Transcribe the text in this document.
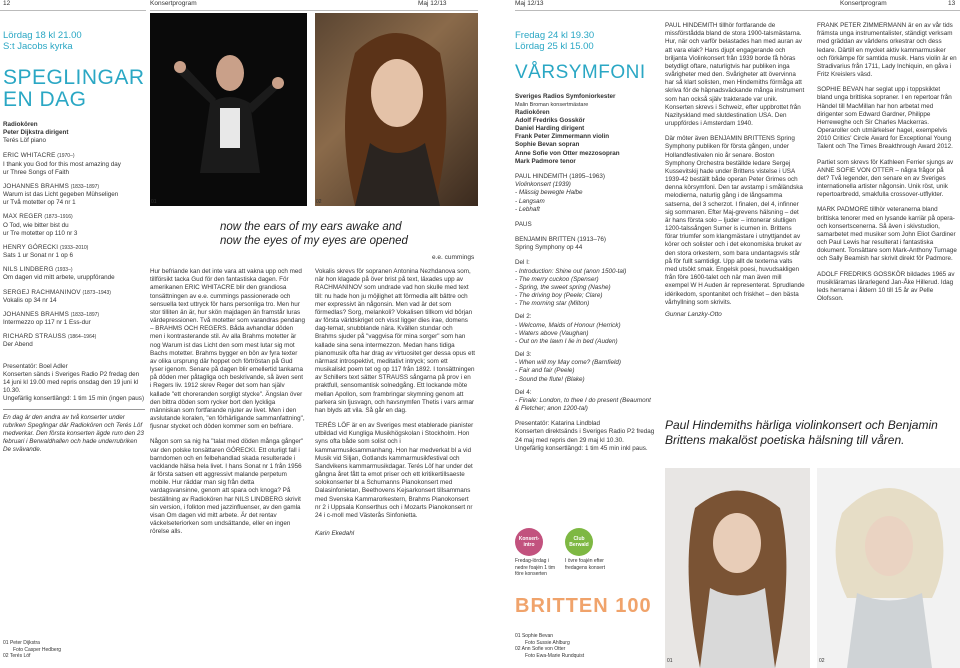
12	Konsertprogram	Maj 12/13	Maj 12/13	Konsertprogram	13
Lördag 18 kl 21.00
S:t Jacobs kyrka
SPEGLINGAR
EN DAG
Radiokören
Peter Dijkstra dirigent
Terés Löf piano
ERIC WHITACRE (1970–)
I thank you God for this most amazing day
ur Three Songs of Faith
JOHANNES BRAHMS (1833–1897)
Warum ist das Licht gegeben Mühseligen
ur Två motetter op 74 nr 1
MAX REGER (1873–1916)
O Tod, wie bitter bist du
ur Tre motetter op 110 nr 3
HENRY GÓRECKI (1933–2010)
Sats 1 ur Sonat nr 1 op 6
NILS LINDBERG (1933–)
Om dagen vid mitt arbete, uruppförande
SERGEJ RACHMANINOV (1873–1943)
Vokalis op 34 nr 14
JOHANNES BRAHMS (1833–1897)
Intermezzo op 117 nr 1 Ess-dur
RICHARD STRAUSS (1864–1964)
Der Abend
Presentatör: Boel Adler
Konserten sänds i Sveriges Radio P2 fredag den 14 juni kl 19.00 med repris onsdag den 19 juni kl 10.30.
Ungefärlig konsertlängd: 1 tim 15 min (ingen paus)
En dag är den andra av två konserter under rubriken Speglingar där Radiokören och Terés Löf medverkar. Den första konserten ägde rum den 23 februari i Berwaldhallen och hade underrubriken De svävande.
01 Peter Dijkstra
Foto Casper Hedberg
02 Terés Löf
01	02
now the ears of my ears awake and
now the eyes of my eyes are opened
e.e. cummings

Hur befriande kan det inte vara att vakna upp och med tillförsikt tacka Gud för den fantastiska dagen. För amerikanen ERIC WHITACRE blir den grandiosa tonsättningen av e.e. cummings passionerade och sensuella text uttryck för hans personliga tro. Men hur stor tilliten än är, hur skön majdagen än framstår luras värdepressionen. Två motetter som varandras pendang – BRAHMS OCH REGERS. Båda avhandlar döden men i kontrasterande stil. Av alla Brahms motetter är nog Warum ist das Licht den som mest lutar sig mot Bachs motetter. Brahms bygger en bön av fyra texter av olika ursprung där hoppet och förtröstan på Gud lyser igenom. Senare på dagen blir emellertid tankarna på döden mer påtagliga och beskrivande, så även sent i Regers liv. 1912 skrev Reger det som han själv kallade "ett choreranden sorgligt stycke". Ängslan över den bittra döden som rycker bort den lyckliga människan som fortfarande njuter av livet. Men i den avslutande koralen, "en förhärligande sammanfattning", fjusnar stycket och döden kommer som en befriare.

Någon som sa nig ha "talat med döden många gånger" var den polske tonsättaren GÓRECKI. Ett oturligt fall i barndomen och en felbehandlad skada resulterade i vacklande hälsa hela livet. I hans Sonat nr 1 från 1956 är första satsen ett aggressivt malande perpetum mobile. Hur räddar man sig från detta vardagsvansinne, genom att spara och knoga? På beställning av Radiokören har NILS LINDBERG skrivit sin version, i folkton med jazzinfluenser, av den gamla visan Om dagen vid mitt arbete. Är det rentav väckelseteriorken som undsättande, eller en ingen rörelse alls.

Vokalis skrevs för sopranen Antonina Nezhdanova som, när hon klagade på över brist på text, läxades upp av RACHMANINOV som undrade vad hon skulle med text till: nu hade hon ju möjlighet att förmedla allt bättre och mer expressivt än någonsin. Men vad är det som förmedlas? Sorg, melankoli? Vokalisen tillkom vid början av första världskriget och visst ligger dies irae, domens dag-temat, snubblande nära. Kvällen stundar och Brahms sjuder på "vaggvisa för mina sorger" som han kallade sina sena intermezzon. Medan hans tidiga pianomusik ofta har drag av virtuositet ger dessa opus ett närmast introspektivt, meditativt intryck; som ett musikaliskt poem tet og op 117 från 1892. I tonsättningen av Schillers text sätter STRAUSS sångarna på prov i en praktfull, sensomantisk solnedgång. Ett lockande möte mellan Apollon, som frambringar skymning genom att parkera sin ljusvagn, och havsnymfen Thetis i vars armar han blyds att vila. Så går en dag.

TERÉS LÖF är en av Sveriges mest etablerade pianister utbildad vid Kungliga Musikhögskolan i Stockholm. Hon syns ofta både som solist och i kammarmusiksammanhang. Hon har medverkat bl a vid Musik vid Siljan, Gotlands kammarmusikfestival och Sandvikens kammarmusikdagar. Terés Löf har under det gångna året fått ta emot priser och ett kritikertillsaeste solokonserter bl a Schumanns Pianokonsert med Dalasinfonietan, Beethovens Kejsarkonsert tillsammans med Svenska Kammarorkestern, Brahms Pianokonsert nr 2 i Uppsala Konserthus och i Mozarts Pianokonsert nr 24 i c-moll med Västerås Sinfonietta.

Karin Ekedahl
Fredag 24 kl 19.30
Lördag 25 kl 15.00
VÅRSYMFONI
Sveriges Radios Symfoniorkester
Malin Broman konsertmästare
Radiokören
Adolf Fredriks Gosskör
Daniel Harding dirigent
Frank Peter Zimmermann violin
Sophie Bevan sopran
Anne Sofie von Otter mezzosopran
Mark Padmore tenor
PAUL HINDEMITH (1895–1963)
Violinkonsert (1939)
- Mässig bewegte Halbe
- Langsam
- Lebhaft
PAUS
BENJAMIN BRITTEN (1913–76)
Spring Symphony op 44
Del I:
- Introduction: Shine out (anon 1500-tal)
- The merry cuckoo (Spenser)
- Spring, the sweet spring (Nashe)
- The driving boy (Peele; Clare)
- The morning star (Milton)
Del 2:
- Welcome, Maids of Honour (Herrick)
- Waters above (Vaughan)
- Out on the lawn I lie in bed (Auden)
Del 3:
- When will my May come? (Barnfield)
- Fair and fair (Peele)
- Sound the flute! (Blake)
Del 4:
- Finale: London, to thee I do present (Beaumont & Fletcher; anon 1200-tal)
Presentatör: Katarina Lindblad
Konserten direktsänds i Sveriges Radio P2 fredag 24 maj med repris den 29 maj kl 10.30.
Ungefärlig konsertlängd: 1 tim 45 min inkl paus.
Konsert-intro
Club Berwald
Fredag-lördag i nedre foajén 1 tim före konserten
I övre foajén efter fredagens konsert
BRITTEN 100
01 Sophie Bevan
Foto Sussie Ahlburg
02 Ann Sofie von Otter
Foto Ewa-Marie Rundquist

PAUL HINDEMITH tillhör fortfarande de missförstådda bland de stora 1900-talsmästarna. Hur, när och varför belastades han med auran av att vara elak? Hans djupt engagerande och briljanta Violinkonsert från 1939 borde få höras betydligt oftare, naturligtvis har publiken inga svårigheter med den. Svårigheter att övervinna har så klart solisten, men Hindemiths förmåga att skriva för de häpnadsväckande många instrument som han också själv trakterade var unik. Konserten skrevs i Schweiz, efter uppbrottet från Nazityskland med slutdestination USA. Den uruppfördes i Amsterdam 1940.

Där möter även BENJAMIN BRITTENS Spring Symphony publiken för första gången, under Hollandfestivalen nio år senare. Boston Symphony Orchestra beställde ledare Sergej Kussevitskij hade under Brittens vistelse i USA 1939-42 beställt både operan Peter Grimes och denna körsymfoni. Den tar avstamp i småländska melodierna, naturlig gång i de långsamma satserna, del 3 scherzot. I finalen, del 4, infinner sig sommaren. Efter Maj-grevens hälsning – det är hans första solo – ljuder – intonerar slutligen 1200-talssången Sumer is icumen in. Brittens förar triumfer som klangmästare i utnyttjandet av körer och solister och i det ekonomiska bruket av den stora orkestern, som bara undantagsvis står på för fullt samtidigt. Upp allt de texterna valts med utsökt smak. Engelsk poesi, huvudsakligen från före 1600-talet och när man även mill exempel W H Auden är representerat. Sprudlande idérikedom, spontanitet och friskhet – den bästa vårhyllning som skrivits.

Gunnar Lanzky-Otto

FRANK PETER ZIMMERMANN är en av vår tids främsta unga instrumentalister, ständigt verksam med gräddan av världens orkestrar och dess ledare. Därtill en mycket aktiv kammarmusiker och förkämpe för samtida musik. Hans violin är en Stradivarius från 1711, Lady Inchiquin, en gåva i Fritz Kreislers väsd.

SOPHIE BEVAN har seglat upp i toppskiktet bland unga brittiska sopraner. I en repertoar från Händel till MacMillan har hon arbetat med dirigenter som Edward Gardner, Philippe Herreweghe och Sir Charles Mackerras. Operaroller och utmärkelser hagel, exempelvis 2010 Critics' Circle Award for Exceptional Young Talent och The Times Breakthrough Award 2012.

Partiet som skrevs för Kathleen Ferrier sjungs av ANNE SOFIE VON OTTER – några frågor på det? Två legender, den senare en av Sveriges internationella artister någonsin. Unik röst, unik repertoarbredd, smakfulla crossover-utflykter.

MARK PADMORE tillhör veteranerna bland brittiska tenorer med en lysande karriär på opera- och konsertscenerna. Så även i skivstudion, samarbetet med musiker som John Eliot Gardiner och Paul Lewis har resulterat i fantastiska dokument. Tonsättare som Mark-Anthony Turnage och Sally Beamish har skrivit direkt för Padmore.

ADOLF FREDRIKS GOSSKÖR bildades 1965 av musiklärarnas lärarlegend Jan-Åke Hillerud. Idag leds herrarna i åldern 10 till 15 år av Pelle Olofsson.

Paul Hindemiths härliga violinkonsert och Benjamin Brittens makalöst poetiska hälsning till våren.
01	02
